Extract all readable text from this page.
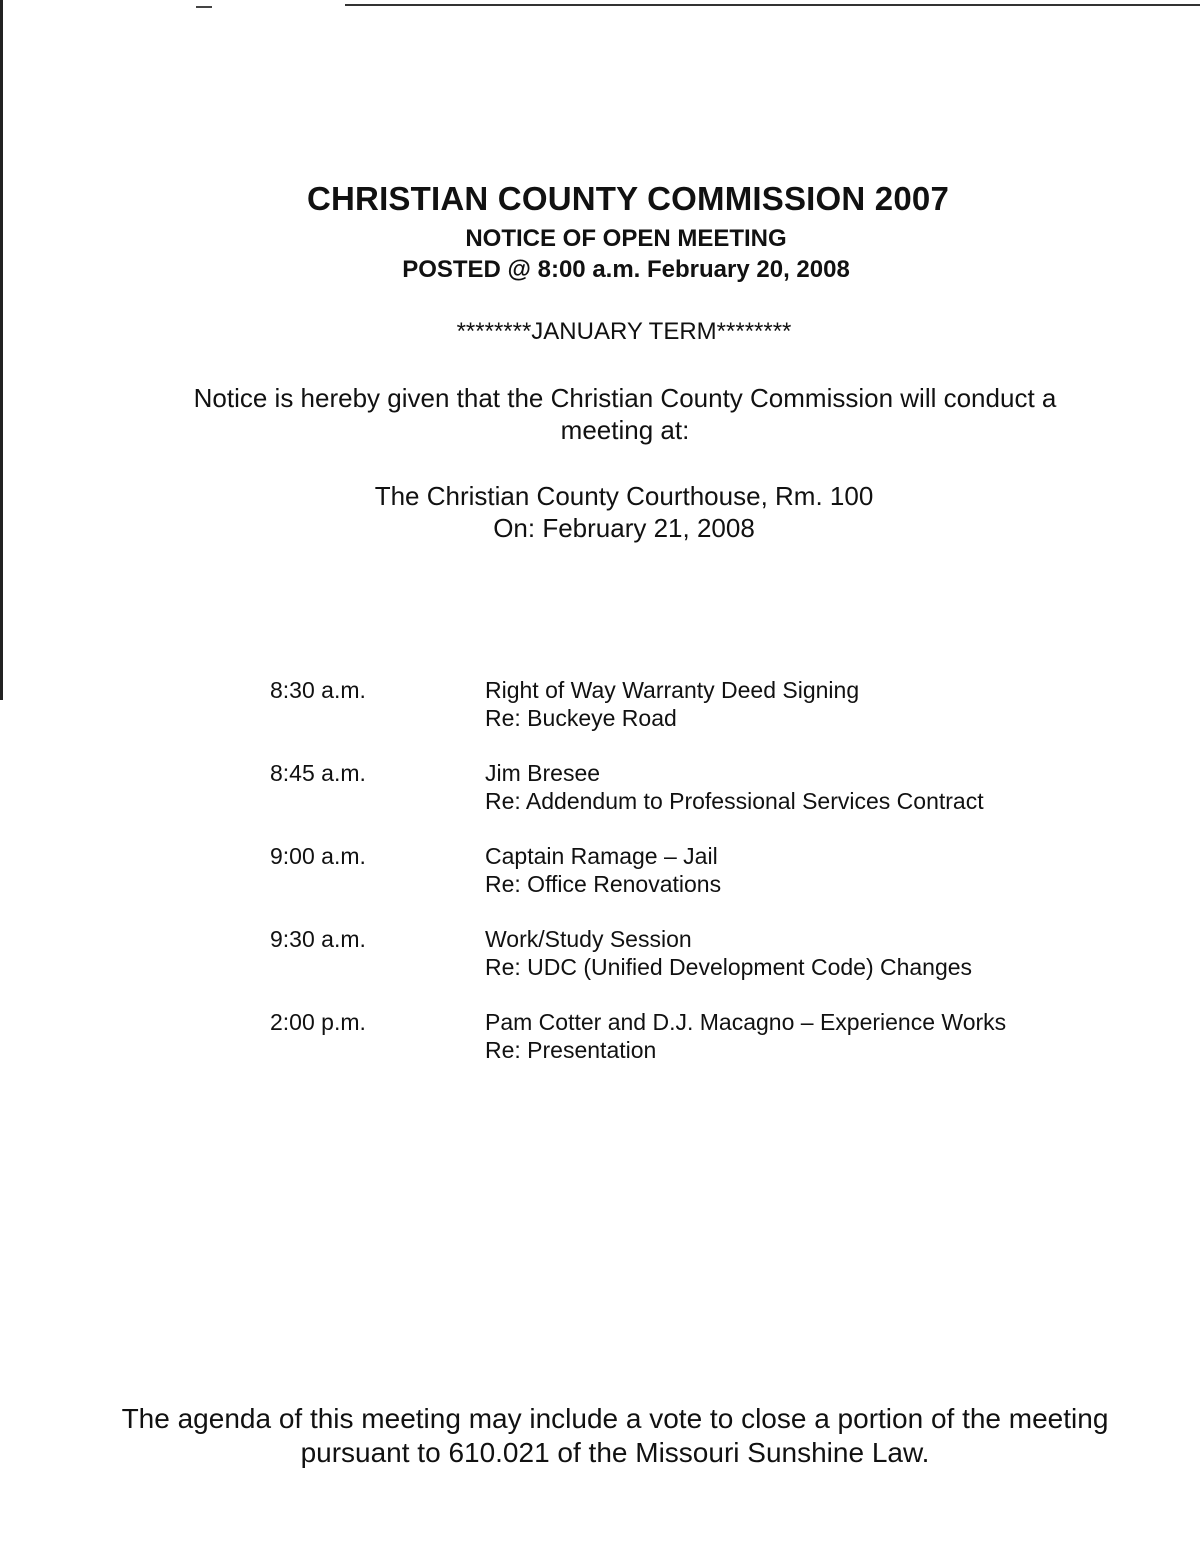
CHRISTIAN COUNTY COMMISSION 2007
NOTICE OF OPEN MEETING
POSTED @ 8:00 a.m. February 20, 2008
********JANUARY TERM********
Notice is hereby given that the Christian County Commission will conduct a
meeting at:
The Christian County Courthouse, Rm. 100
On: February 21, 2008
8:30 a.m.	Right of Way Warranty Deed Signing
Re: Buckeye Road
8:45 a.m.	Jim Bresee
Re: Addendum to Professional Services Contract
9:00 a.m.	Captain Ramage – Jail
Re: Office Renovations
9:30 a.m.	Work/Study Session
Re: UDC (Unified Development Code) Changes
2:00 p.m.	Pam Cotter and D.J. Macagno – Experience Works
Re: Presentation
The agenda of this meeting may include a vote to close a portion of the meeting
pursuant to 610.021 of the Missouri Sunshine Law.
